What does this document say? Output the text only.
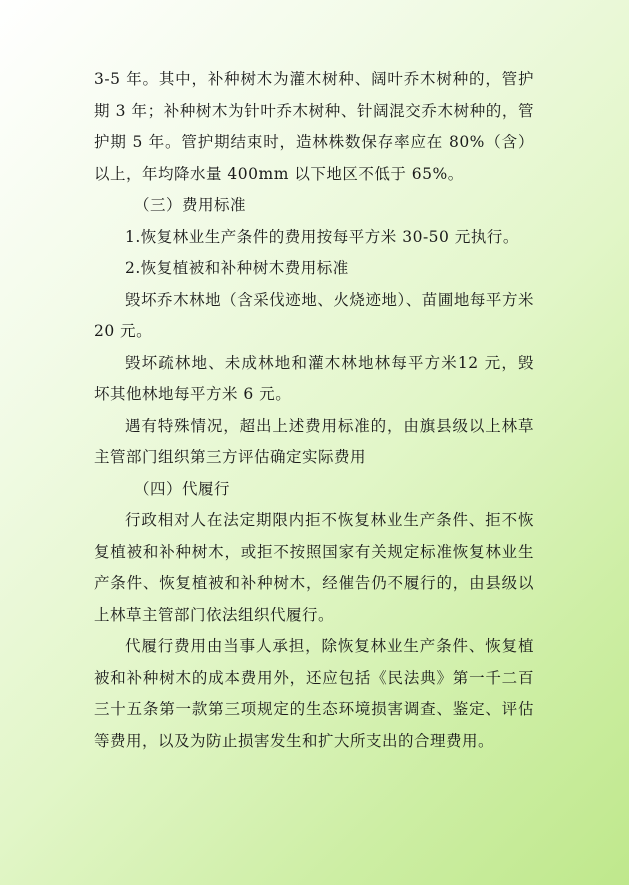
3-5 年。其中，补种树木为灌木树种、阔叶乔木树种的，管护期 3 年；补种树木为针叶乔木树种、针阔混交乔木树种的，管护期 5 年。管护期结束时，造林株数保存率应在 80%（含）以上，年均降水量 400mm 以下地区不低于 65%。

（三）费用标准

1.恢复林业生产条件的费用按每平方米 30-50 元执行。

2.恢复植被和补种树木费用标准

毁坏乔木林地（含采伐迹地、火烧迹地）、苗圃地每平方米 20 元。

毁坏疏林地、未成林地和灌木林地林每平方米12 元，毁坏其他林地每平方米 6 元。

遇有特殊情况，超出上述费用标准的，由旗县级以上林草主管部门组织第三方评估确定实际费用

（四）代履行

行政相对人在法定期限内拒不恢复林业生产条件、拒不恢复植被和补种树木，或拒不按照国家有关规定标准恢复林业生产条件、恢复植被和补种树木，经催告仍不履行的，由县级以上林草主管部门依法组织代履行。

代履行费用由当事人承担，除恢复林业生产条件、恢复植被和补种树木的成本费用外，还应包括《民法典》第一千二百三十五条第一款第三项规定的生态环境损害调查、鉴定、评估等费用，以及为防止损害发生和扩大所支出的合理费用。
